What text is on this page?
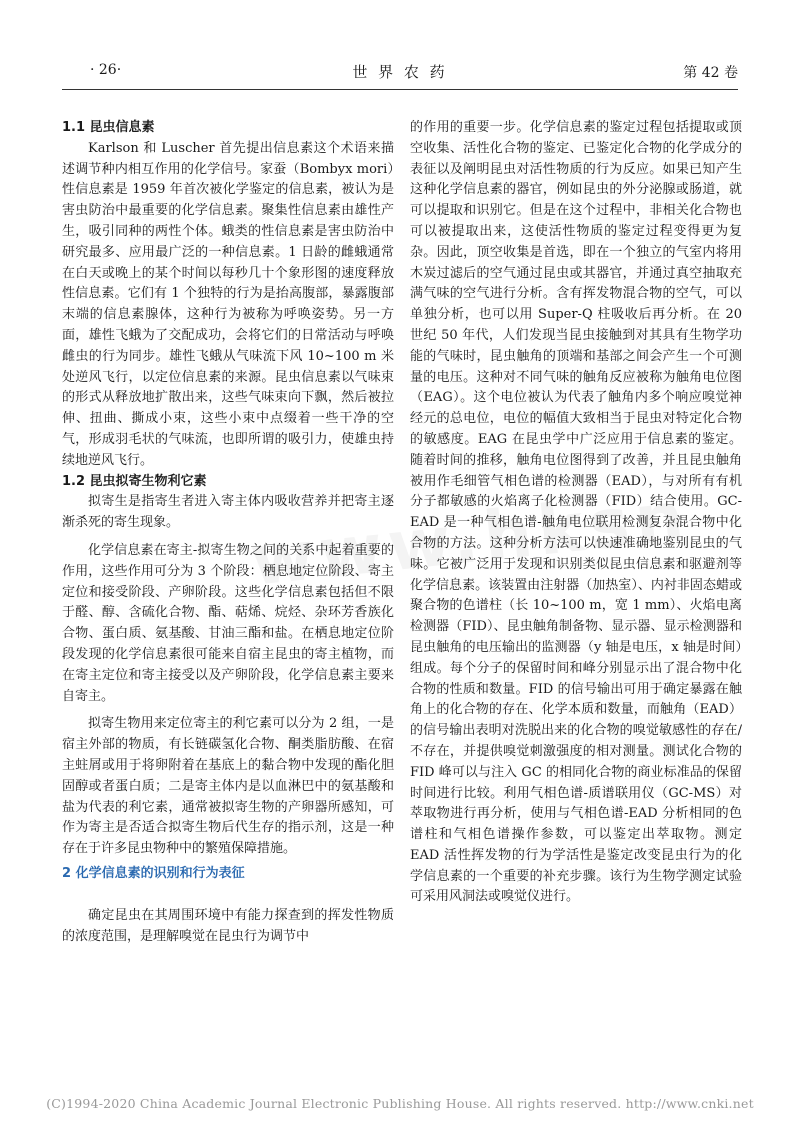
· 26·	世 界 农 药	第 42 卷

1.1 昆虫信息素

Karlson 和 Luscher 首先提出信息素这个术语来描述调节种内相互作用的化学信号。家蚕（Bombyx mori）性信息素是 1959 年首次被化学鉴定的信息素，被认为是害虫防治中最重要的化学信息素。聚集性信息素由雄性产生，吸引同种的两性个体。蛾类的性信息素是害虫防治中研究最多、应用最广泛的一种信息素。1 日龄的雌蛾通常在白天或晚上的某个时间以每秒几十个象形图的速度释放性信息素。它们有 1 个独特的行为是抬高腹部，暴露腹部末端的信息素腺体，这种行为被称为呼唤姿势。另一方面，雄性飞蛾为了交配成功，会将它们的日常活动与呼唤雌虫的行为同步。雄性飞蛾从气味流下风 10~100 m 米处逆风飞行，以定位信息素的来源。昆虫信息素以气味束的形式从释放地扩散出来，这些气味束向下飘，然后被拉伸、扭曲、撕成小束，这些小束中点缀着一些干净的空气，形成羽毛状的气味流，也即所谓的吸引力，使雄虫持续地逆风飞行。

1.2 昆虫拟寄生物利它素

拟寄生是指寄生者进入寄主体内吸收营养并把寄主逐渐杀死的寄生现象。

化学信息素在寄主-拟寄生物之间的关系中起着重要的作用，这些作用可分为 3 个阶段：栖息地定位阶段、寄主定位和接受阶段、产卵阶段。这些化学信息素包括但不限于醛、醇、含硫化合物、酯、萜烯、烷烃、杂环芳香族化合物、蛋白质、氨基酸、甘油三酯和盐。在栖息地定位阶段发现的化学信息素很可能来自宿主昆虫的寄主植物，而在寄主定位和寄主接受以及产卵阶段，化学信息素主要来自寄主。

拟寄生物用来定位寄主的利它素可以分为 2 组，一是宿主外部的物质，有长链碳氢化合物、酮类脂肪酸、在宿主蛀屑或用于将卵附着在基底上的黏合物中发现的酯化胆固醇或者蛋白质；二是寄主体内是以血淋巴中的氨基酸和盐为代表的利它素，通常被拟寄生物的产卵器所感知，可作为寄主是否适合拟寄生物后代生存的指示剂，这是一种存在于许多昆虫物种中的繁殖保障措施。

2 化学信息素的识别和行为表征

确定昆虫在其周围环境中有能力探查到的挥发性物质的浓度范围，是理解嗅觉在昆虫行为调节中

的作用的重要一步。化学信息素的鉴定过程包括提取或顶空收集、活性化合物的鉴定、已鉴定化合物的化学成分的表征以及阐明昆虫对活性物质的行为反应。如果已知产生这种化学信息素的器官，例如昆虫的外分泌腺或肠道，就可以提取和识别它。但是在这个过程中，非相关化合物也可以被提取出来，这使活性物质的鉴定过程变得更为复杂。因此，顶空收集是首选，即在一个独立的气室内将用木炭过滤后的空气通过昆虫或其器官，并通过真空抽取充满气味的空气进行分析。含有挥发物混合物的空气，可以单独分析，也可以用 Super-Q 柱吸收后再分析。在 20 世纪 50 年代，人们发现当昆虫接触到对其具有生物学功能的气味时，昆虫触角的顶端和基部之间会产生一个可测量的电压。这种对不同气味的触角反应被称为触角电位图（EAG）。这个电位被认为代表了触角内多个响应嗅觉神经元的总电位，电位的幅值大致相当于昆虫对特定化合物的敏感度。EAG 在昆虫学中广泛应用于信息素的鉴定。随着时间的推移，触角电位图得到了改善，并且昆虫触角被用作毛细管气相色谱的检测器（EAD），与对所有有机分子都敏感的火焰离子化检测器（FID）结合使用。GC-EAD 是一种气相色谱-触角电位联用检测复杂混合物中化合物的方法。这种分析方法可以快速准确地鉴别昆虫的气味。它被广泛用于发现和识别类似昆虫信息素和驱避剂等化学信息素。该装置由注射器（加热室）、内衬非固态蜡或聚合物的色谱柱（长 10~100 m，宽 1 mm）、火焰电离检测器（FID）、昆虫触角制备物、显示器、显示检测器和昆虫触角的电压输出的监测器（y 轴是电压，x 轴是时间）组成。每个分子的保留时间和峰分别显示出了混合物中化合物的性质和数量。FID 的信号输出可用于确定暴露在触角上的化合物的存在、化学本质和数量，而触角（EAD）的信号输出表明对洗脱出来的化合物的嗅觉敏感性的存在/不存在，并提供嗅觉刺激强度的相对测量。测试化合物的 FID 峰可以与注入 GC 的相同化合物的商业标准品的保留时间进行比较。利用气相色谱-质谱联用仪（GC-MS）对萃取物进行再分析，使用与气相色谱-EAD 分析相同的色谱柱和气相色谱操作参数，可以鉴定出萃取物。测定 EAD 活性挥发物的行为学活性是鉴定改变昆虫行为的化学信息素的一个重要的补充步骤。该行为生物学测定试验可采用风洞法或嗅觉仪进行。

(C)1994-2020 China Academic Journal Electronic Publishing House. All rights reserved. http://www.cnki.net
